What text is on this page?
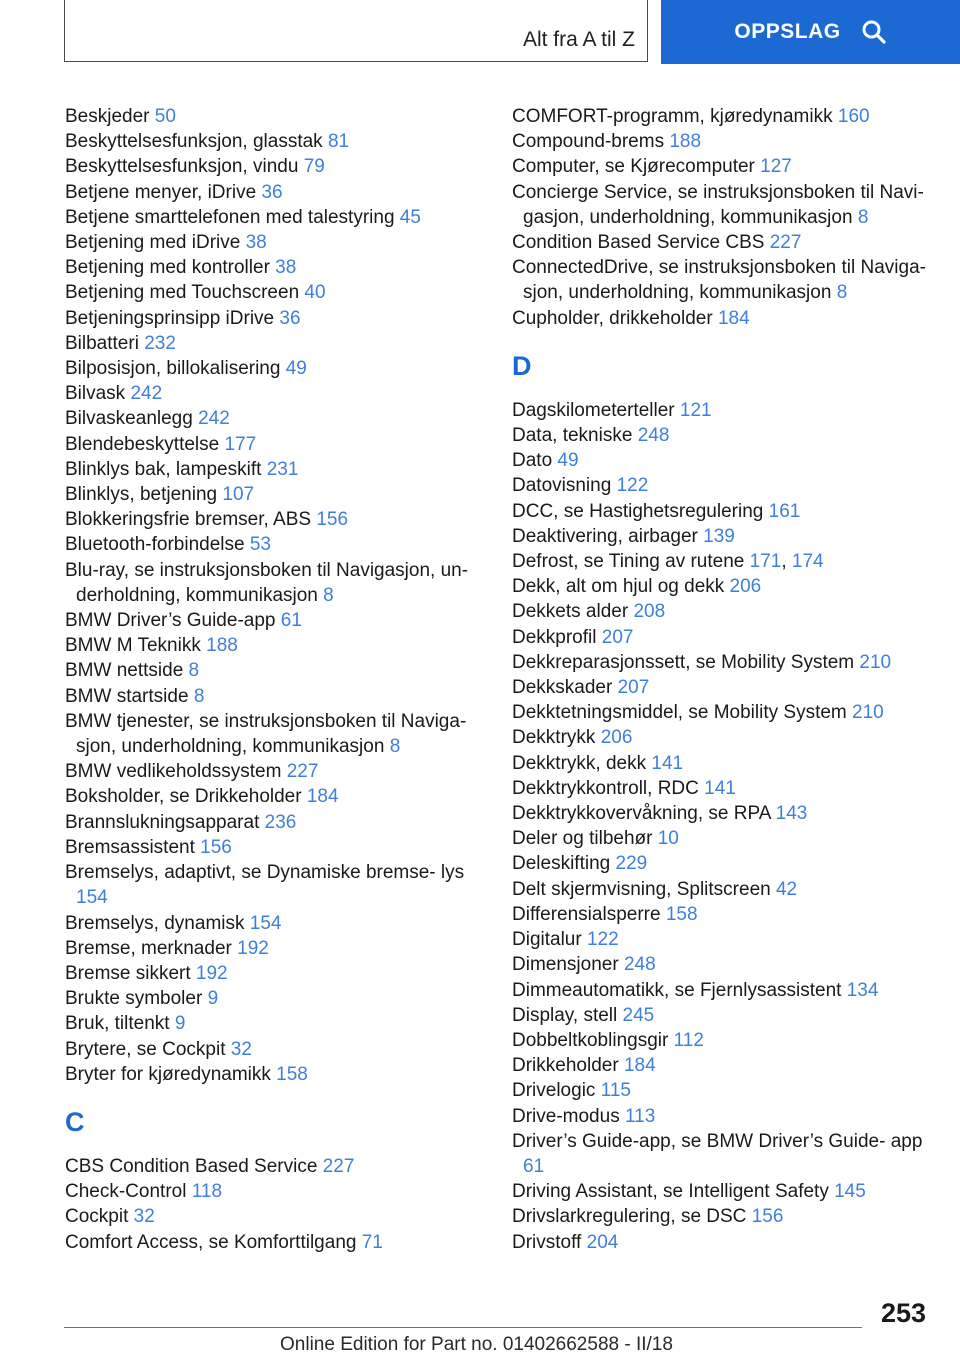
Alt fra A til Z	OPPSLAG
Beskjeder 50
Beskyttelsesfunksjon, glasstak 81
Beskyttelsesfunksjon, vindu 79
Betjene menyer, iDrive 36
Betjene smarttelefonen med talestyring 45
Betjening med iDrive 38
Betjening med kontroller 38
Betjening med Touchscreen 40
Betjeningsprinsipp iDrive 36
Bilbatteri 232
Bilposisjon, billokalisering 49
Bilvask 242
Bilvaskeanlegg 242
Blendebeskyttelse 177
Blinklys bak, lampeskift 231
Blinklys, betjening 107
Blokkeringsfrie bremser, ABS 156
Bluetooth-forbindelse 53
Blu-ray, se instruksjonsboken til Navigasjon, un‐ derholdning, kommunikasjon 8
BMW Driver’s Guide-app 61
BMW M Teknikk 188
BMW nettside 8
BMW startside 8
BMW tjenester, se instruksjonsboken til Naviga‐ sjon, underholdning, kommunikasjon 8
BMW vedlikeholdssystem 227
Boksholder, se Drikkeholder 184
Brannslukningsapparat 236
Bremsassistent 156
Bremselys, adaptivt, se Dynamiske bremse‐ lys 154
Bremselys, dynamisk 154
Bremse, merknader 192
Bremse sikkert 192
Brukte symboler 9
Bruk, tiltenkt 9
Brytere, se Cockpit 32
Bryter for kjøredynamikk 158
C
CBS Condition Based Service 227
Check-Control 118
Cockpit 32
Comfort Access, se Komforttilgang 71
COMFORT-programm, kjøredynamikk 160
Compound-brems 188
Computer, se Kjørecomputer 127
Concierge Service, se instruksjonsboken til Navi‐ gasjon, underholdning, kommunikasjon 8
Condition Based Service CBS 227
ConnectedDrive, se instruksjonsboken til Naviga‐ sjon, underholdning, kommunikasjon 8
Cupholder, drikkeholder 184
D
Dagskilometerteller 121
Data, tekniske 248
Dato 49
Datovisning 122
DCC, se Hastighetsregulering 161
Deaktivering, airbager 139
Defrost, se Tining av rutene 171, 174
Dekk, alt om hjul og dekk 206
Dekkets alder 208
Dekkprofil 207
Dekkreparasjonssett, se Mobility System 210
Dekkskader 207
Dekktetningsmiddel, se Mobility System 210
Dekktrykk 206
Dekktrykk, dekk 141
Dekktrykkontroll, RDC 141
Dekktrykkovervåkning, se RPA 143
Deler og tilbehør 10
Deleskifting 229
Delt skjermvisning, Splitscreen 42
Differensialsperre 158
Digitalur 122
Dimensjoner 248
Dimmeautomatikk, se Fjernlysassistent 134
Display, stell 245
Dobbeltkoblingsgir 112
Drikkeholder 184
Drivelogic 115
Drive-modus 113
Driver’s Guide-app, se BMW Driver’s Guide- app 61
Driving Assistant, se Intelligent Safety 145
Drivslarkregulering, se DSC 156
Drivstoff 204
253
Online Edition for Part no. 01402662588 - II/18
